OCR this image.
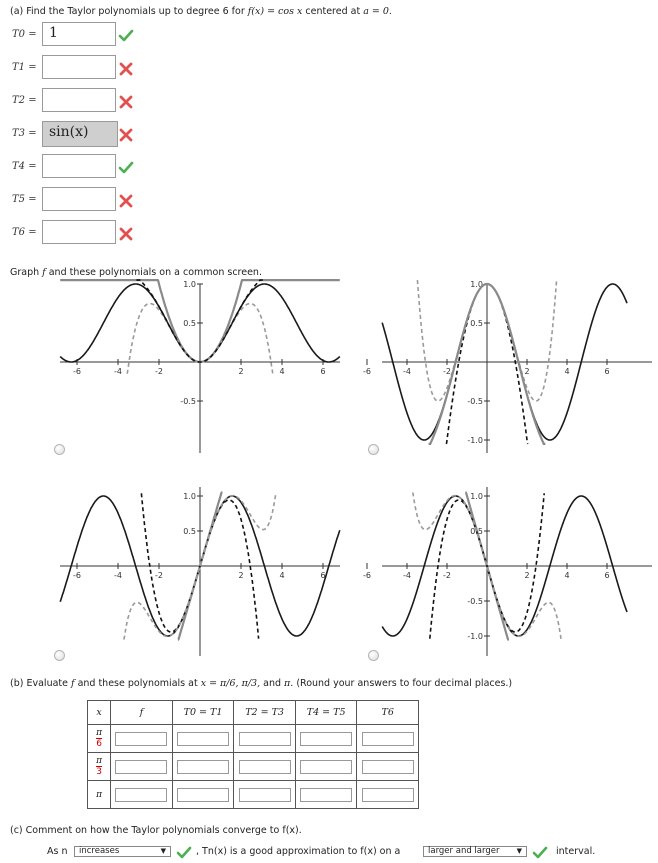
(a) Find the Taylor polynomials up to degree 6 for f(x) = cos x centered at a = 0.
T0 = 1
T1 =
T2 =
T3 = sin(x)
T4 =
T5 =
T6 =
Graph f and these polynomials on a common screen.
-6	-4	-2	2	4	6
1.0
0.5
-0.5
-6	-4	-2	2	4	6
1.0
0.5
-0.5
-1.0
-6	-4	-2	2	4	6
1.0
0.5
-6	-4	-2	2	4	6
1.0
0.5
-0.5
-1.0
(b) Evaluate f and these polynomials at x = π/6, π/3, and π. (Round your answers to four decimal places.)
x	f	T0 = T1	T2 = T3	T4 = T5	T6

$\frac{\pi}{6}$

$\frac{\pi}{3}$

π					

(c) Comment on how the Taylor polynomials converge to f(x).
As n	increases	▼	, Tn(x) is a good approximation to f(x) on a	larger and larger ▼	interval.
